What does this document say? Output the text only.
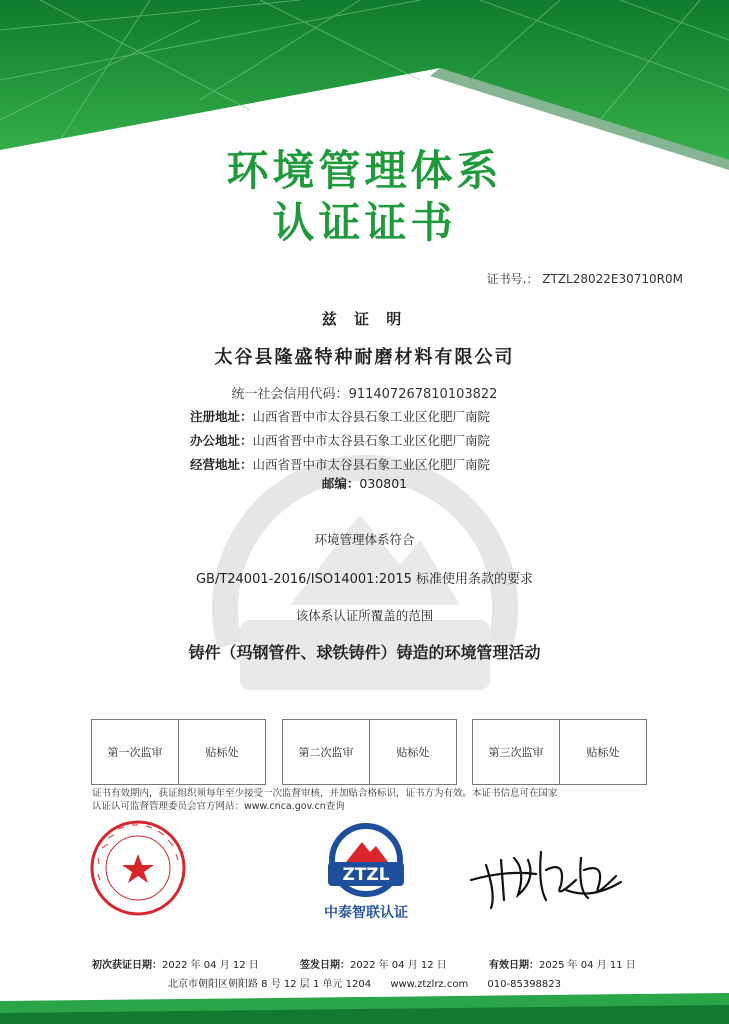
环境管理体系
认证证书
证书号.： ZTZL28022E30710R0M
兹 证 明
太谷县隆盛特种耐磨材料有限公司
统一社会信用代码：911407267810103822
注册地址：山西省晋中市太谷县石象工业区化肥厂南院
办公地址：山西省晋中市太谷县石象工业区化肥厂南院
经营地址：山西省晋中市太谷县石象工业区化肥厂南院
邮编：030801
环境管理体系符合
GB/T24001-2016/ISO14001:2015 标准使用条款的要求
该体系认证所覆盖的范围
铸件（玛钢管件、球铁铸件）铸造的环境管理活动
第一次监审	贴标处	第二次监审	贴标处	第三次监审	贴标处
证书有效期内，获证组织须每年至少接受一次监督审核，并加贴合格标识，证书方为有效。本证书信息可在国家
认证认可监督管理委员会官方网站：www.cnca.gov.cn查询
ZTZL
中泰智联认证
初次获证日期：2022 年 04 月 12 日	签发日期：2022 年 04 月 12 日	有效日期：2025 年 04 月 11 日
北京市朝阳区朝阳路 8 号 12 层 1 单元 1204 www.ztzlrz.com 010-85398823
